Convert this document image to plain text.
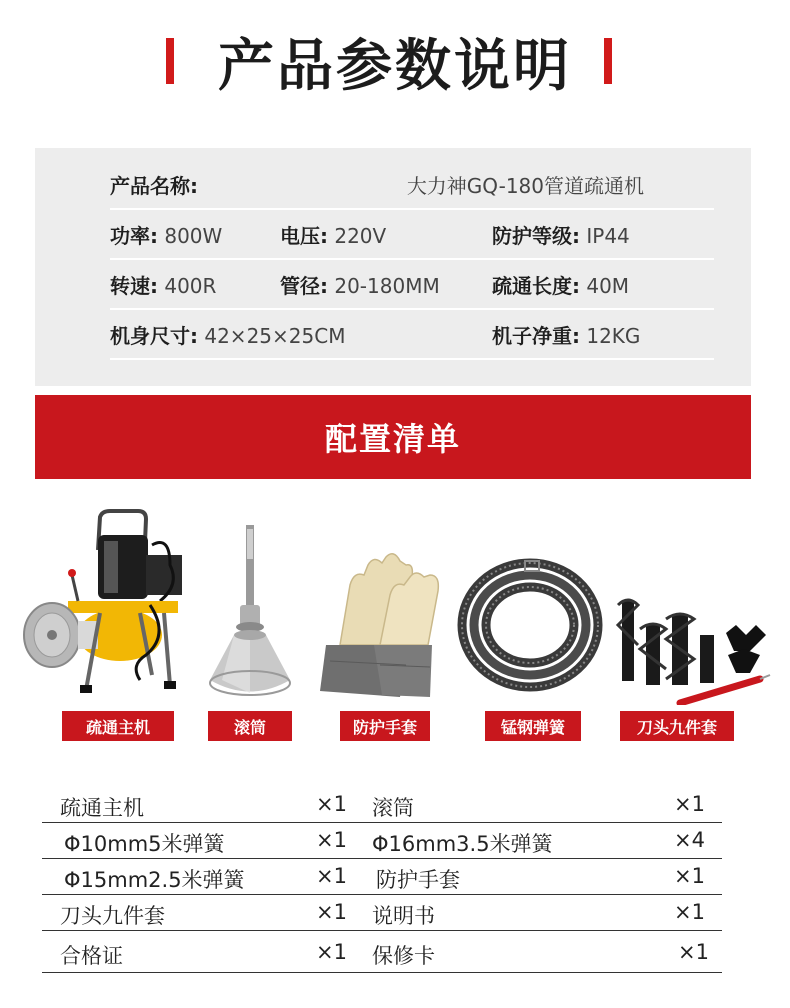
产品参数说明
产品名称:	大力神GQ-180管道疏通机
功率: 800W	电压: 220V	防护等级: IP44
转速: 400R	管径: 20-180MM	疏通长度: 40M
机身尺寸: 42×25×25CM	机子净重: 12KG
配置清单
疏通主机	滚筒	防护手套	锰钢弹簧	刀头九件套
疏通主机	×1 滚筒	×1
Φ10mm5米弹簧	×1 Φ16mm3.5米弹簧	×4
Φ15mm2.5米弹簧	×1 防护手套	×1
刀头九件套	×1 说明书	×1
合格证	×1 保修卡	×1
